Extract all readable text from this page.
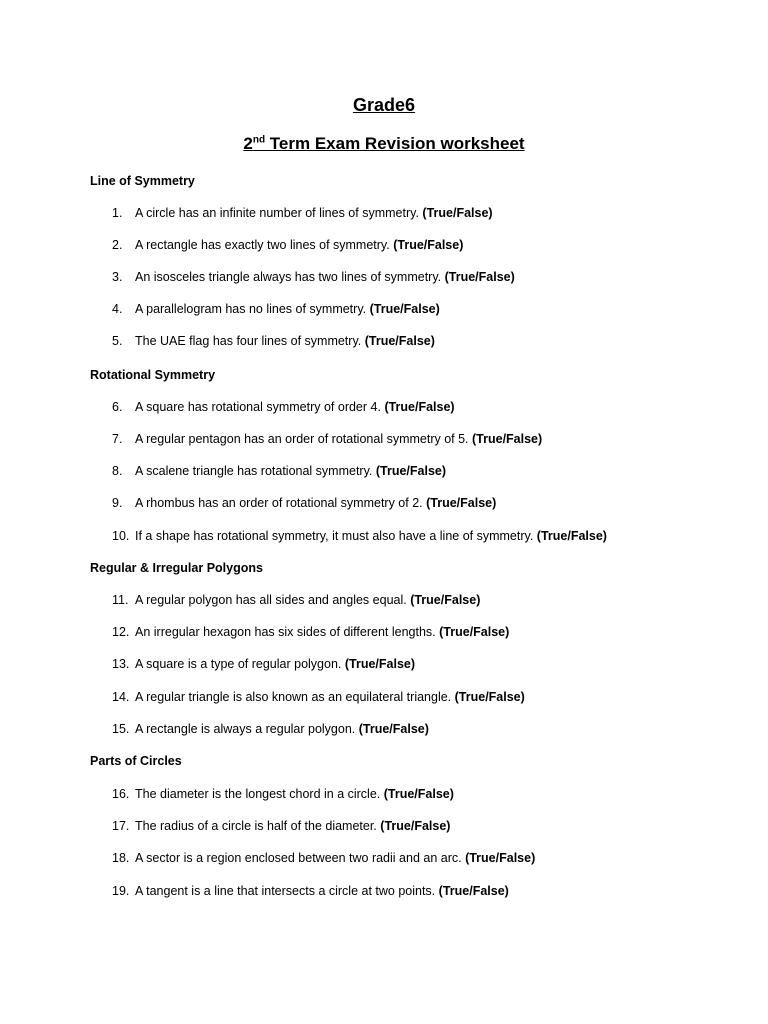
Grade6
2nd Term Exam Revision worksheet
Line of Symmetry
1. A circle has an infinite number of lines of symmetry. (True/False)
2. A rectangle has exactly two lines of symmetry. (True/False)
3. An isosceles triangle always has two lines of symmetry. (True/False)
4. A parallelogram has no lines of symmetry. (True/False)
5. The UAE flag has four lines of symmetry. (True/False)
Rotational Symmetry
6. A square has rotational symmetry of order 4. (True/False)
7. A regular pentagon has an order of rotational symmetry of 5. (True/False)
8. A scalene triangle has rotational symmetry. (True/False)
9. A rhombus has an order of rotational symmetry of 2. (True/False)
10. If a shape has rotational symmetry, it must also have a line of symmetry. (True/False)
Regular & Irregular Polygons
11. A regular polygon has all sides and angles equal. (True/False)
12. An irregular hexagon has six sides of different lengths. (True/False)
13. A square is a type of regular polygon. (True/False)
14. A regular triangle is also known as an equilateral triangle. (True/False)
15. A rectangle is always a regular polygon. (True/False)
Parts of Circles
16. The diameter is the longest chord in a circle. (True/False)
17. The radius of a circle is half of the diameter. (True/False)
18. A sector is a region enclosed between two radii and an arc. (True/False)
19. A tangent is a line that intersects a circle at two points. (True/False)
